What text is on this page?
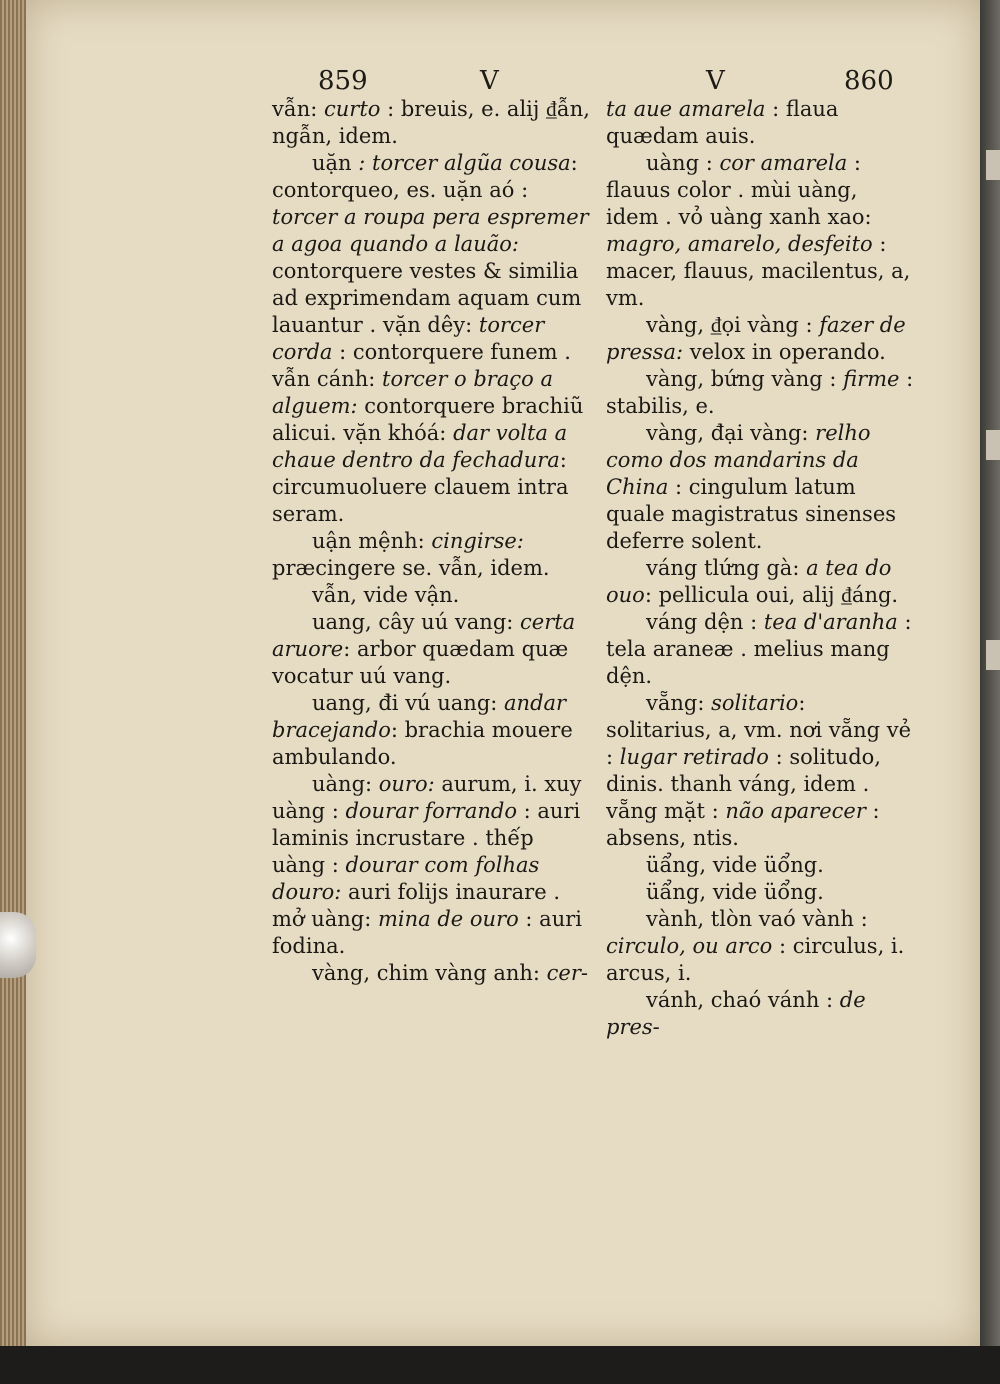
859	V	V	860

vẫn: curto : breuis, e. alij ₫ẫn, ngẫn, idem.

uặn : torcer algũa cousa: contorqueo, es. uặn aó : torcer a roupa pera espremer a agoa quando a lauão: contorquere vestes & similia ad exprimendam aquam cum lauantur . vặn dêy: torcer corda : contorquere funem . vẫn cánh: torcer o braço a alguem: contorquere brachiũ alicui. vặn khóá: dar volta a chaue dentro da fechadura: circumuoluere clauem intra seram.

uận mệnh: cingirse: præcingere se. vẫn, idem.

vẫn, vide vận.

uang, cây uú vang: certa aruore: arbor quædam quæ vocatur uú vang.

uang, đi vú uang: andar bracejando: brachia mouere ambulando.

uàng: ouro: aurum, i. xuy uàng : dourar forrando : auri laminis incrustare . thếp uàng : dourar com folhas douro: auri folijs inaurare . mở uàng: mina de ouro : auri fodina.

vàng, chim vàng anh: cer-

ta aue amarela : flaua quædam auis.

uàng : cor amarela : flauus color . mùi uàng, idem . vỏ uàng xanh xao: magro, amarelo, desfeito : macer, flauus, macilentus, a, vm.

vàng, ₫ọi vàng : fazer de pressa: velox in operando.

vàng, bứng vàng : firme : stabilis, e.

vàng, đại vàng: relho como dos mandarins da China : cingulum latum quale magistratus sinenses deferre solent.

váng tlứng gà: a tea do ouo: pellicula oui, alij ₫áng.

váng dện : tea d'aranha : tela araneæ . melius mang dện.

vẵng: solitario: solitarius, a, vm. nơi vẵng vẻ : lugar retirado : solitudo, dinis. thanh váng, idem . vẵng mặt : não aparecer : absens, ntis.

üẩng, vide üổng.

üẩng, vide üổng.

vành, tlòn vaó vành : circulo, ou arco : circulus, i. arcus, i.

vánh, chaó vánh : de pres-
